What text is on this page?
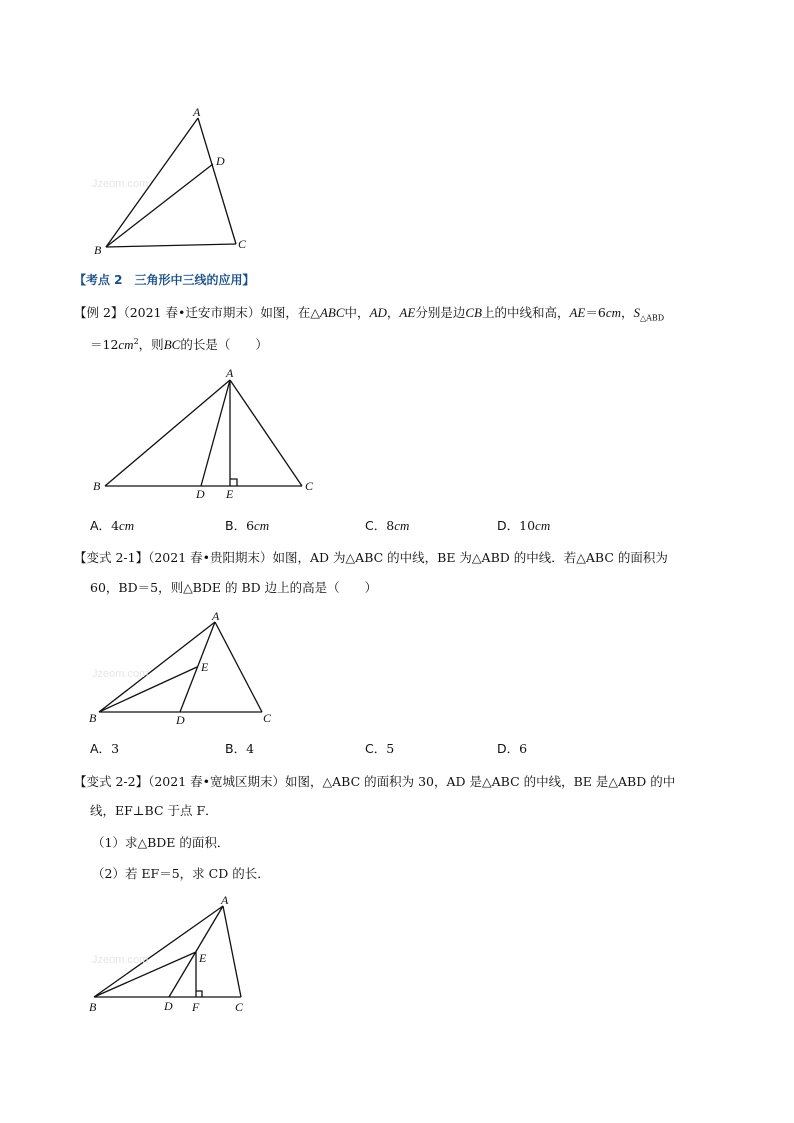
A
D
B	C
Jzeom.com
【考点 2　三角形中三线的应用】
【例 2】（2021 春•迁安市期末）如图，在△ABC中，AD，AE分别是边CB上的中线和高，AE＝6cm，$S_{\triangle ABD}$
$=12cm^2$，则BC的长是（　　）
A
B	C
D E
A．4cm	B．6cm	C．8cm	D．10cm
【变式 2-1】（2021 春•贵阳期末）如图，AD 为△ABC 的中线，BE 为△ABD 的中线．若△ABC 的面积为
60，BD＝5，则△BDE 的 BD 边上的高是（　　）
A
E
B	D	C
Jzeom.com
A．3	B．4	C．5	D．6
【变式 2-2】（2021 春•宽城区期末）如图，△ABC 的面积为 30，AD 是△ABC 的中线，BE 是△ABD 的中
线，EF⊥BC 于点 F．
（1）求△BDE 的面积．
（2）若 EF＝5，求 CD 的长．
A
E
B	D F	C
Jzeom.com
